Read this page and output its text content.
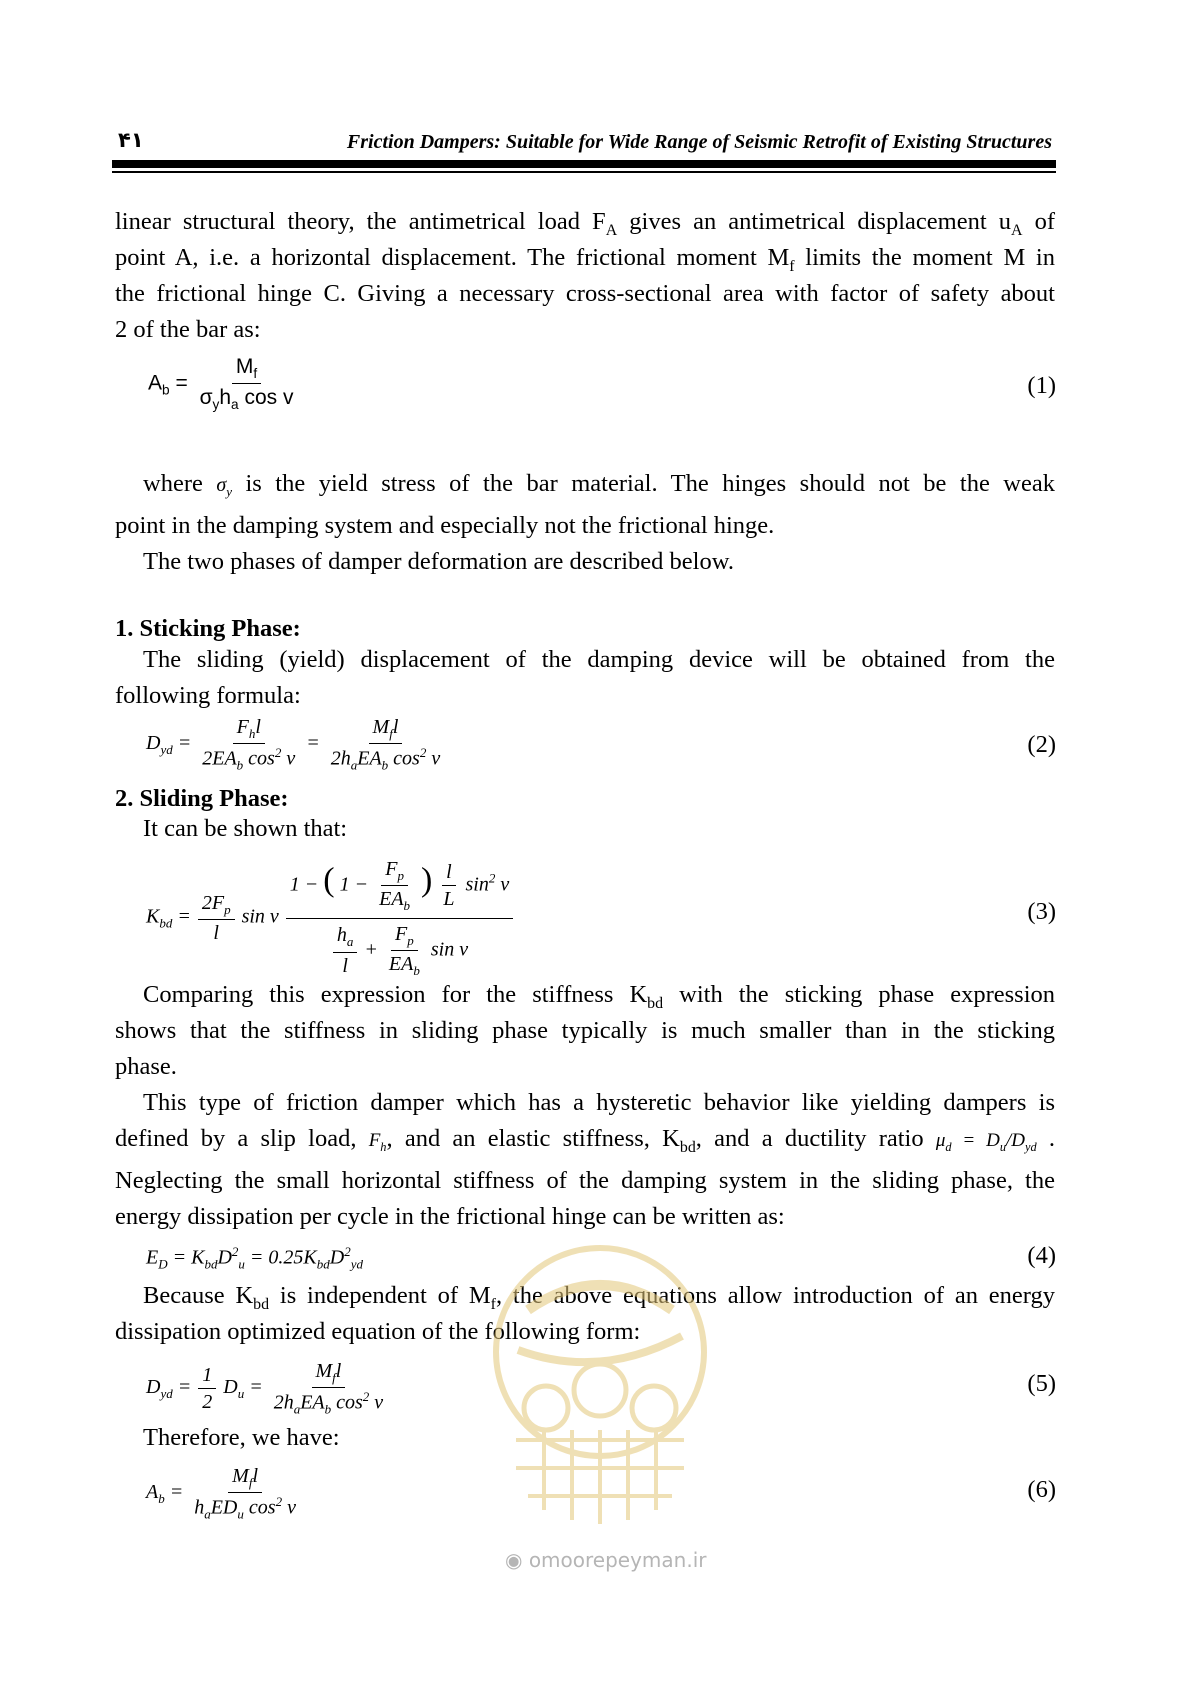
۴۱	Friction Dampers: Suitable for Wide Range of Seismic Retrofit of Existing Structures
linear structural theory, the antimetrical load $F_A$ gives an antimetrical displacement $u_A$ of
point A, i.e. a horizontal displacement. The frictional moment $M_f$ limits the moment M in
the frictional hinge C. Giving a necessary cross-sectional area with factor of safety about
2 of the bar as:
$A_b = \frac{M_f}{\sigma_yh_a \cos v}$	(1)
where $\sigma_y$ is the yield stress of the bar material. The hinges should not be the weak
point in the damping system and especially not the frictional hinge.
The two phases of damper deformation are described below.
1. Sticking Phase:
The sliding (yield) displacement of the damping device will be obtained from the
following formula:
$D_{yd} = \frac{F_hl}{2EA_b \cos^2 v} = \frac{M_fl}{2h_aEA_b \cos^2 v}$	(2)
2. Sliding Phase:
It can be shown that:
$K_{bd} = \frac{2F_p}{l}$ sin v
1 − ( $1 - \frac{F_p}{EA_b}$ ) $\frac{l}{L} \sin^2 v$
$\frac{h_a}{l} + \frac{F_p}{EA_b}$ sin v
(3)
Comparing this expression for the stiffness $K_{bd}$ with the sticking phase expression
shows that the stiffness in sliding phase typically is much smaller than in the sticking
phase.
This type of friction damper which has a hysteretic behavior like yielding dampers is
defined by a slip load, $F_h$, and an elastic stiffness, $K_{bd}$, and a ductility ratio $\mu_d = D_u/D_{yd}$ .
Neglecting the small horizontal stiffness of the damping system in the sliding phase, the
energy dissipation per cycle in the frictional hinge can be written as:
$E_D = K_{bd}D^2_u = 0.25K_{bd}D^2_{yd}$	(4)
Because $K_{bd}$ is independent of $M_f$, the above equations allow introduction of an energy
dissipation optimized equation of the following form:
$D_{yd} = \frac{1}{2} D_u = \frac{M_fl}{2h_aEA_b \cos^2 v}$	(5)
Therefore, we have:
$A_b = \frac{M_fl}{h_aED_u \cos^2 v}$	(6)
◉ omoorepeyman.ir
